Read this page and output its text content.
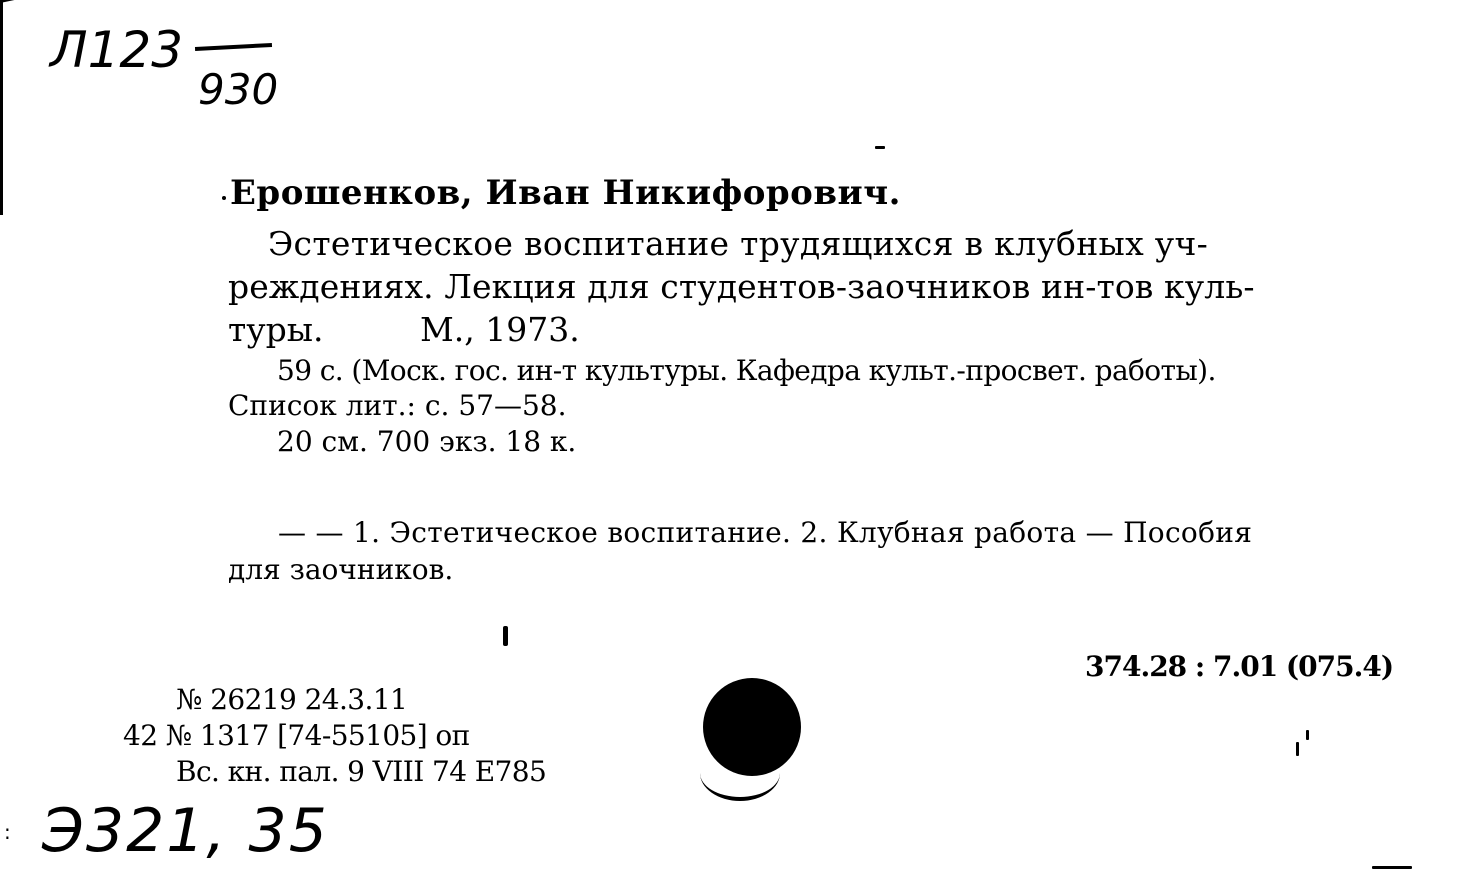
Л123
930
Ерошенков, Иван Никифорович.
Эстетическое воспитание трудящихся в клубных уч-
реждениях. Лекция для студентов-заочников ин-тов куль-
туры.	М., 1973.
59 с. (Моск. гос. ин-т культуры. Кафедра культ.-просвет. работы).
Список лит.: с. 57—58.
20 см. 700 экз. 18 к.
— — 1. Эстетическое воспитание. 2. Клубная работа — Пособия
для заочников.
374.28 : 7.01 (075.4)
№ 26219 24.3.11
42 № 1317 [74-55105] оп
Вс. кн. пал. 9 VIII 74 Е785
Э321, 35
:
